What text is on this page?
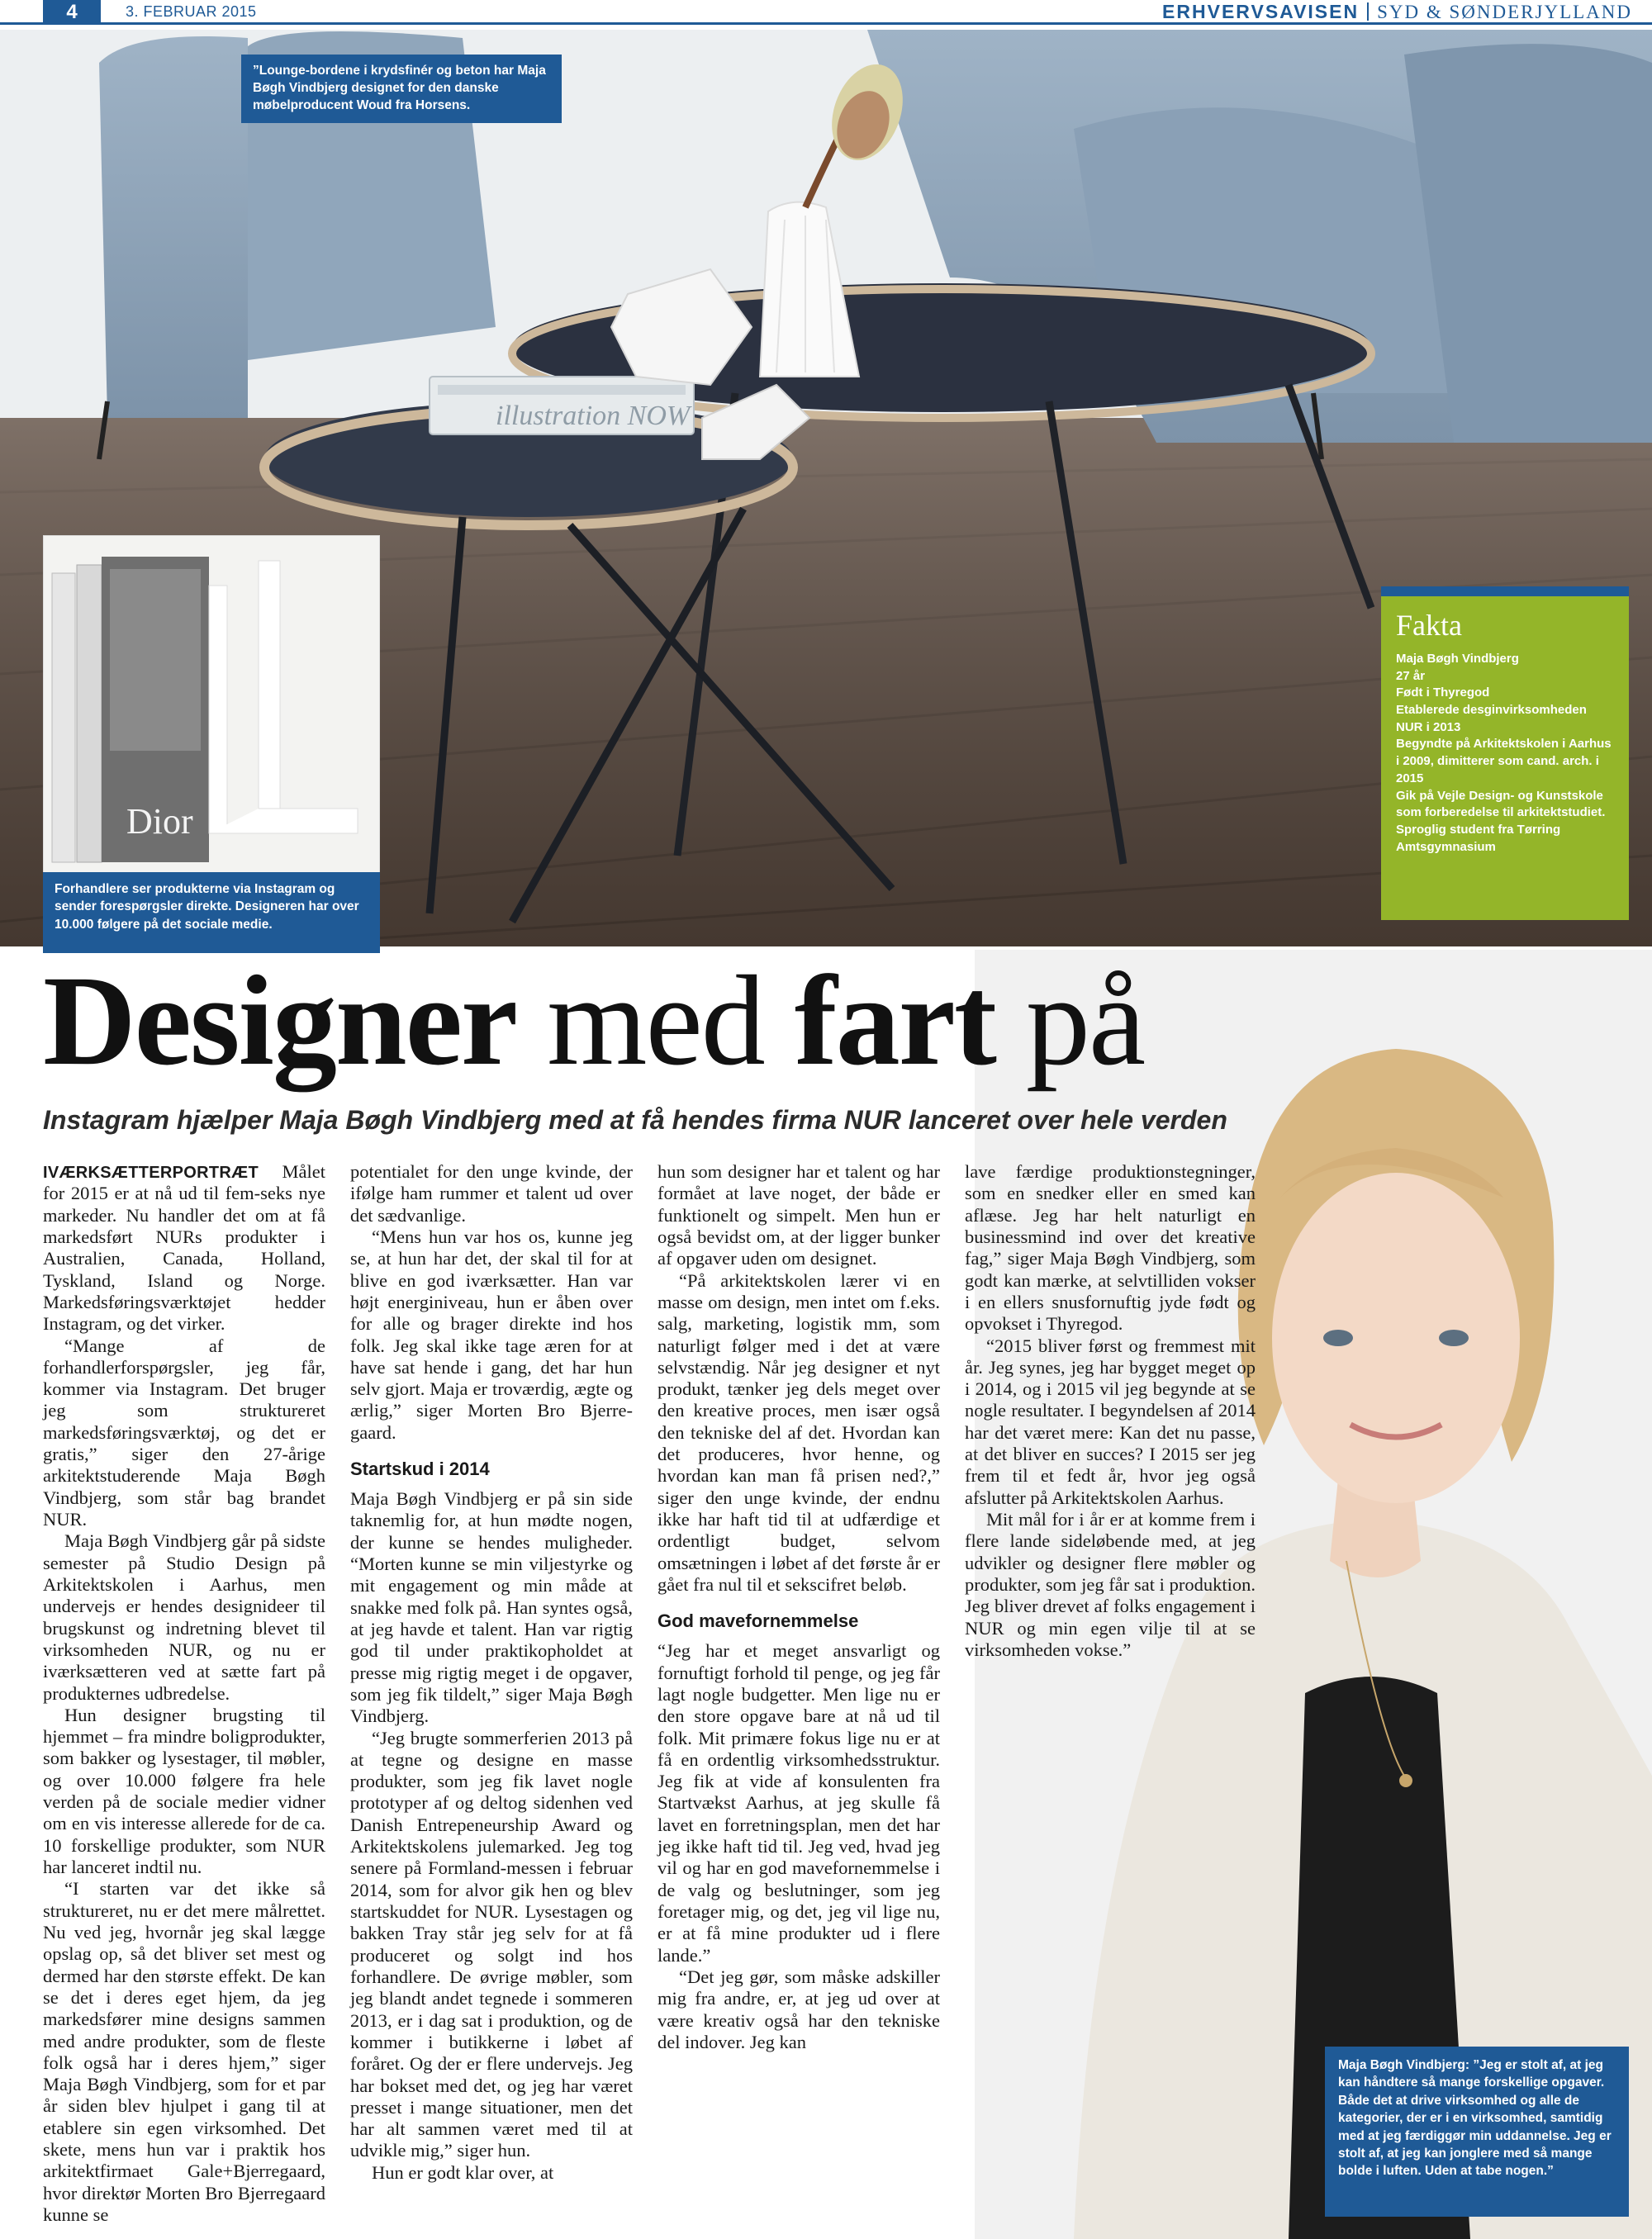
4	3. FEBRUAR 2015	ERHVERVSAVISEN SYD & SØNDERJYLLAND
illustration NOW
”Lounge-bordene i krydsfinér og beton har Maja Bøgh Vindbjerg designet for den danske møbelproducent Woud fra Horsens.
Dior
Forhandlere ser produkterne via Instagram og sender forespørgsler direkte. Designeren har over 10.000 følgere på det sociale medie.
Fakta
Maja Bøgh Vindbjerg
27 år
Født i Thyregod
Etablerede desginvirksomheden NUR i 2013
Begyndte på Arkitektskolen i Aarhus i 2009, dimitterer som cand. arch. i 2015
Gik på Vejle Design- og Kunstskole som forberedelse til arkitektstudiet.
Sproglig student fra Tørring Amtsgymnasium
Maja Bøgh Vindbjerg: ”Jeg er stolt af, at jeg kan håndtere så mange forskellige opgaver. Både det at drive virksomhed og alle de kategorier, der er i en virksomhed, samtidig med at jeg færdiggør min uddannelse. Jeg er stolt af, at jeg kan jonglere med så mange bolde i luften. Uden at tabe nogen.”
Designer med fart på
Instagram hjælper Maja Bøgh Vindbjerg med at få hendes firma NUR lanceret over hele verden

IVÆRKSÆTTERPORTRÆT Målet for 2015 er at nå ud til fem-seks nye markeder. Nu handler det om at få markedsført NURs produkter i Australien, Canada, Holland, Tyskland, Island og Norge. Markedsføringsværktøjet hedder Instagram, og det virker.

“Mange af de forhandlerforspørgsler, jeg får, kommer via Instagram. Det bruger jeg som struktureret markedsføringsværktøj, og det er gratis,” siger den 27-årige arkitektstuderende Maja Bøgh Vindbjerg, som står bag brandet NUR.

Maja Bøgh Vindbjerg går på sidste semester på Studio Design på Arkitektskolen i Aarhus, men undervejs er hendes designideer til brugskunst og indretning blevet til virksomheden NUR, og nu er iværksætteren ved at sætte fart på produkternes udbredelse.

Hun designer brugsting til hjemmet – fra mindre boligprodukter, som bakker og lysestager, til møbler, og over 10.000 følgere fra hele verden på de sociale medier vidner om en vis interesse allerede for de ca. 10 forskellige produkter, som NUR har lanceret indtil nu.

“I starten var det ikke så struktureret, nu er det mere målrettet. Nu ved jeg, hvornår jeg skal lægge opslag op, så det bliver set mest og dermed har den største effekt. De kan se det i deres eget hjem, da jeg markedsfører mine designs sammen med andre produkter, som de fleste folk også har i deres hjem,” siger Maja Bøgh Vindbjerg, som for et par år siden blev hjulpet i gang til at etablere sin egen virksomhed. Det skete, mens hun var i praktik hos arkitektfirmaet Gale+Bjerregaard, hvor direktør Morten Bro Bjerregaard kunne se

potentialet for den unge kvinde, der ifølge ham rummer et talent ud over det sædvanlige.

“Mens hun var hos os, kunne jeg se, at hun har det, der skal til for at blive en god iværksætter. Han var højt energiniveau, hun er åben over for alle og brager direkte ind hos folk. Jeg skal ikke tage æren for at have sat hende i gang, det har hun selv gjort. Maja er troværdig, ægte og ærlig,” siger Morten Bro Bjerre-gaard.

Startskud i 2014

Maja Bøgh Vindbjerg er på sin side taknemlig for, at hun mødte nogen, der kunne se hendes muligheder. “Morten kunne se min viljestyrke og mit engagement og min måde at snakke med folk på. Han syntes også, at jeg havde et talent. Han var rigtig god til under praktikopholdet at presse mig rigtig meget i de opgaver, som jeg fik tildelt,” siger Maja Bøgh Vindbjerg.

“Jeg brugte sommerferien 2013 på at tegne og designe en masse produkter, som jeg fik lavet nogle prototyper af og deltog sidenhen ved Danish Entrepeneurship Award og Arkitektskolens julemarked. Jeg tog senere på Formland-messen i februar 2014, som for alvor gik hen og blev startskuddet for NUR. Lysestagen og bakken Tray står jeg selv for at få produceret og solgt ind hos forhandlere. De øvrige møbler, som jeg blandt andet tegnede i sommeren 2013, er i dag sat i produktion, og de kommer i butikkerne i løbet af foråret. Og der er flere undervejs. Jeg har bokset med det, og jeg har været presset i mange situationer, men det har alt sammen været med til at udvikle mig,” siger hun.

Hun er godt klar over, at

hun som designer har et talent og har formået at lave noget, der både er funktionelt og simpelt. Men hun er også bevidst om, at der ligger bunker af opgaver uden om designet.

“På arkitektskolen lærer vi en masse om design, men intet om f.eks. salg, marketing, logistik mm, som naturligt følger med i det at være selvstændig. Når jeg designer et nyt produkt, tænker jeg dels meget over den kreative proces, men især også den tekniske del af det. Hvordan kan det produceres, hvor henne, og hvordan kan man få prisen ned?,” siger den unge kvinde, der endnu ikke har haft tid til at udfærdige et ordentligt budget, selvom omsætningen i løbet af det første år er gået fra nul til et sekscifret beløb.

God mavefornemmelse

“Jeg har et meget ansvarligt og fornuftigt forhold til penge, og jeg får lagt nogle budgetter. Men lige nu er den store opgave bare at nå ud til folk. Mit primære fokus lige nu er at få en ordentlig virksomhedsstruktur. Jeg fik at vide af konsulenten fra Startvækst Aarhus, at jeg skulle få lavet en forretningsplan, men det har jeg ikke haft tid til. Jeg ved, hvad jeg vil og har en god mavefornemmelse i de valg og beslutninger, som jeg foretager mig, og det, jeg vil lige nu, er at få mine produkter ud i flere lande.”

“Det jeg gør, som måske adskiller mig fra andre, er, at jeg ud over at være kreativ også har den tekniske del indover. Jeg kan

lave færdige produktionstegninger, som en snedker eller en smed kan aflæse. Jeg har helt naturligt en businessmind ind over det kreative fag,” siger Maja Bøgh Vindbjerg, som godt kan mærke, at selvtilliden vokser i en ellers snusfornuftig jyde født og opvokset i Thyregod.

“2015 bliver først og fremmest mit år. Jeg synes, jeg har bygget meget op i 2014, og i 2015 vil jeg begynde at se nogle resultater. I begyndelsen af 2014 har det været mere: Kan det nu passe, at det bliver en succes? I 2015 ser jeg frem til et fedt år, hvor jeg også afslutter på Arkitektskolen Aarhus.

Mit mål for i år er at komme frem i flere lande sideløbende med, at jeg udvikler og designer flere møbler og produkter, som jeg får sat i produktion. Jeg bliver drevet af folks engagement i NUR og min egen vilje til at se virksomheden vokse.”
